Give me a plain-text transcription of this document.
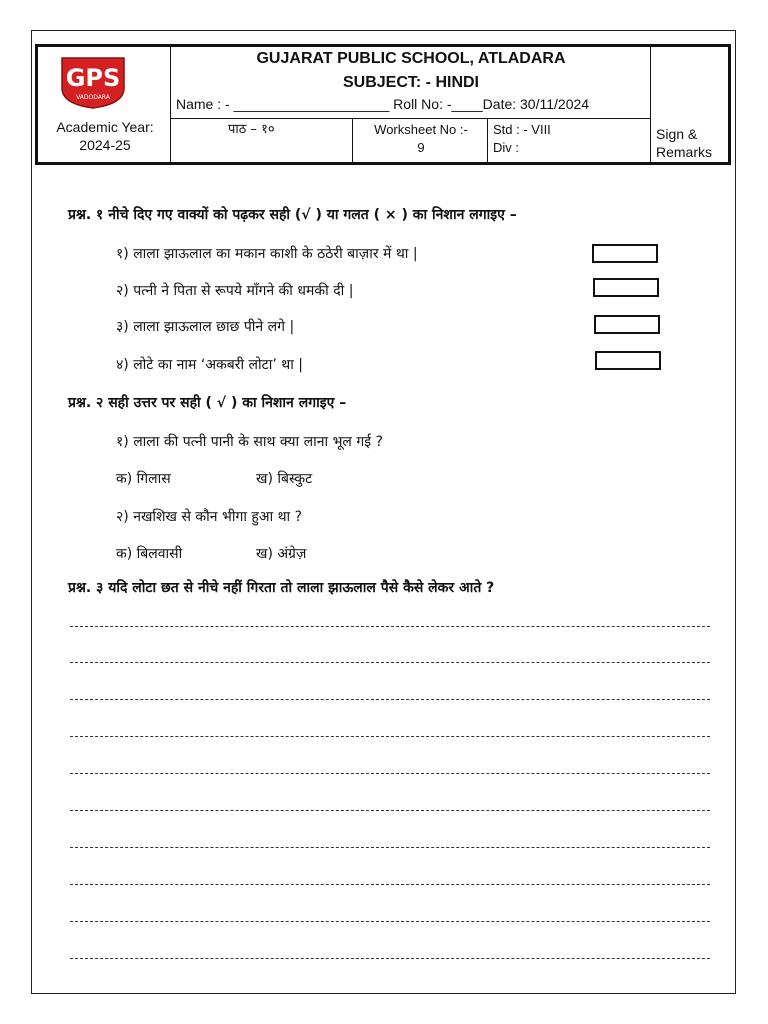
GPS
VADODARA
Academic Year:
2024-25
GUJARAT PUBLIC SCHOOL, ATLADARA
SUBJECT: - HINDI
Name : - ____________________ Roll No: -____Date: 30/11/2024
पाठ – १०	Worksheet No :-
9
Std : - VIII
Div :
Sign &
Remarks
प्रश्न. १ नीचे दिए गए वाक्यों को पढ़कर सही (√ ) या गलत ( × ) का निशान लगाइए –
१) लाला झाऊलाल का मकान काशी के ठठेरी बाज़ार में था |
२) पत्नी ने पिता से रूपये माँगने की धमकी दी |
३) लाला झाऊलाल छाछ पीने लगे |
४) लोटे का नाम ‘अकबरी लोटा’ था |
प्रश्न. २ सही उत्तर पर सही ( √ ) का निशान लगाइए –
१) लाला की पत्नी पानी के साथ क्या लाना भूल गई ?
क) गिलास	ख) बिस्कुट
२) नखशिख से कौन भीगा हुआ था ?
क) बिलवासी	ख) अंग्रेज़
प्रश्न. ३ यदि लोटा छत से नीचे नहीं गिरता तो लाला झाऊलाल पैसे कैसे लेकर आते ?
